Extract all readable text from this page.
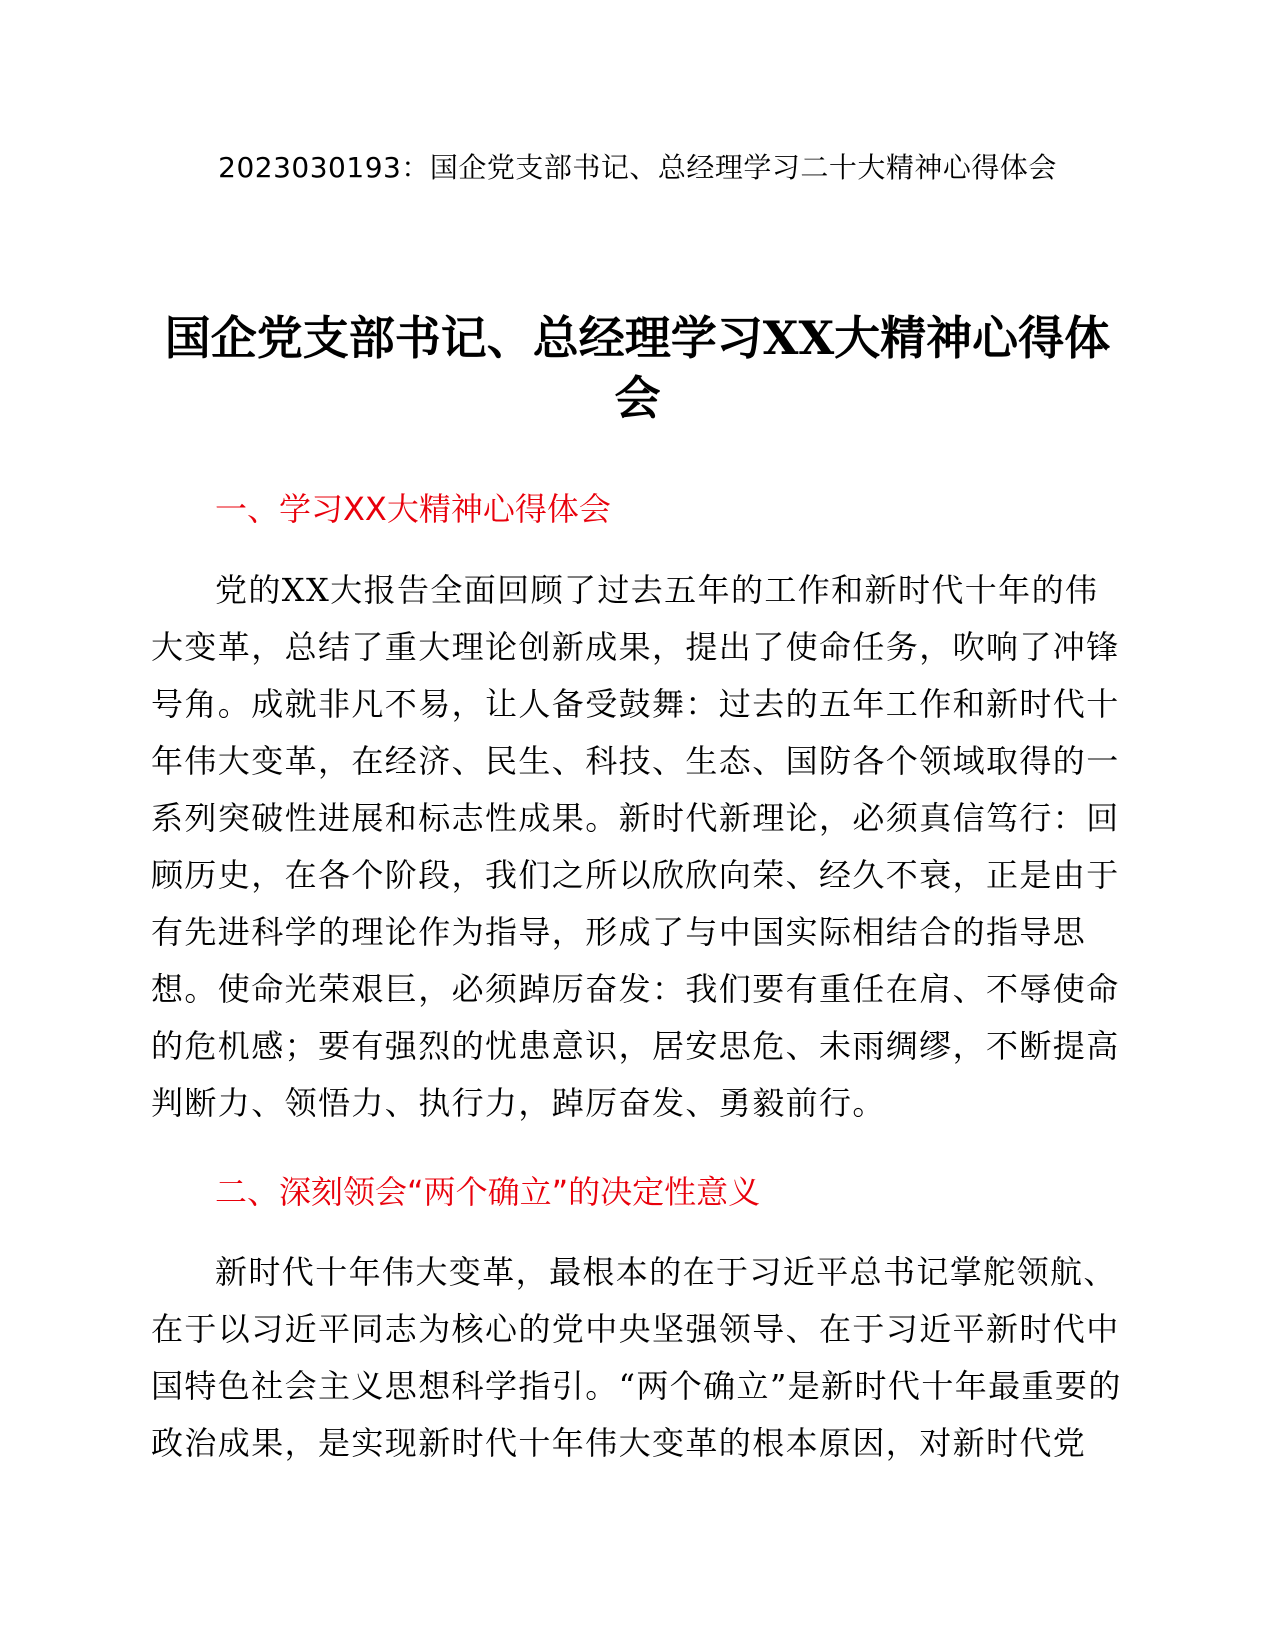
2023030193：国企党支部书记、总经理学习二十大精神心得体会
国企党支部书记、总经理学习XX大精神心得体会
一、学习XX大精神心得体会

党的XX大报告全面回顾了过去五年的工作和新时代十年的伟大变革，总结了重大理论创新成果，提出了使命任务，吹响了冲锋号角。成就非凡不易，让人备受鼓舞：过去的五年工作和新时代十年伟大变革，在经济、民生、科技、生态、国防各个领域取得的一系列突破性进展和标志性成果。新时代新理论，必须真信笃行：回顾历史，在各个阶段，我们之所以欣欣向荣、经久不衰，正是由于有先进科学的理论作为指导，形成了与中国实际相结合的指导思想。使命光荣艰巨，必须踔厉奋发：我们要有重任在肩、不辱使命的危机感；要有强烈的忧患意识，居安思危、未雨绸缪，不断提高判断力、领悟力、执行力，踔厉奋发、勇毅前行。

二、深刻领会“两个确立”的决定性意义

新时代十年伟大变革，最根本的在于习近平总书记掌舵领航、在于以习近平同志为核心的党中央坚强领导、在于习近平新时代中国特色社会主义思想科学指引。“两个确立”是新时代十年最重要的政治成果，是实现新时代十年伟大变革的根本原因，对新时代党
